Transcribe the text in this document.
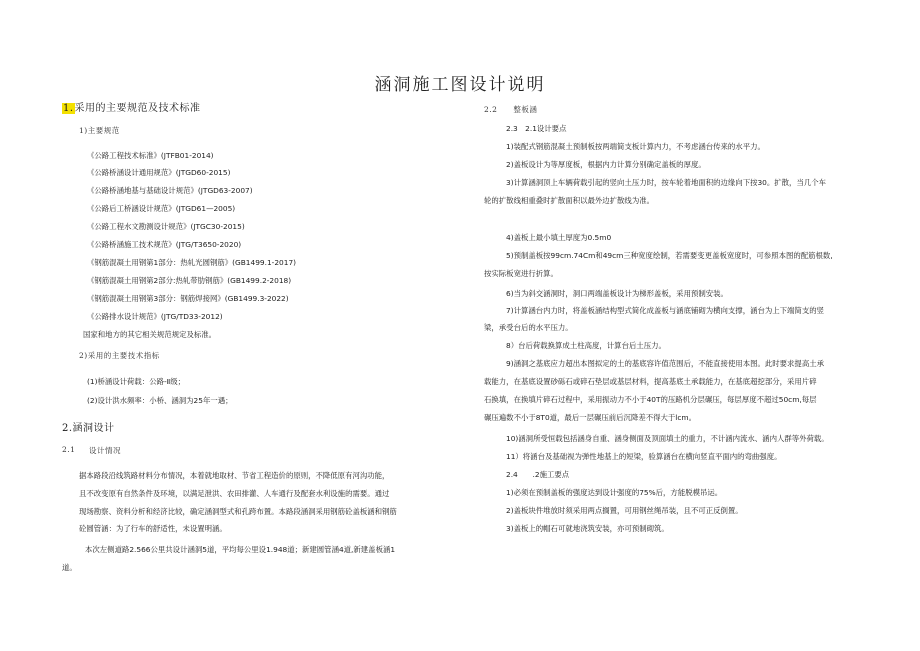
涵洞施工图设计说明
1.采用的主要规范及技术标准
1)主要规范
《公路工程技术标准》(JTFB01-2014)
《公路桥涵设计通用规范》(JTGD60-2015)
《公路桥涵地基与基础设计规范》(JTGD63-2007)
《公路后工桥涵设计规范》(JTGD61—2005)
《公路工程水文勘测设计规范》(JTGC30-2015)
《公路桥涵施工技术规范》(JTG/T3650-2020)
《钢筋混凝土用钢第1部分：热轧光圆钢筋》(GB1499.1-2017)
《钢筋混凝土用钢第2部分:热轧带肋钢筋》(GB1499.2-2018)
《钢筋混凝土用钢第3部分：钢筋焊接网》(GB1499.3-2022)
《公路排水设计规范》(JTG/TD33-2012)
国家和地方的其它相关规范规定及标准。
2)采用的主要技术指标
(1)桥涵设计荷载：公路-Ⅱ级；
(2)设计洪水频率：小桥、涵洞为25年一遇；
2.涵洞设计
2.1 设计情况
据本路段沿线筑路材料分布情况，本着就地取材、节省工程造价的原则，不降低原有河沟功能，
且不改变原有自然条件及环境，以满足泄洪、农田排灌、人车通行及配套水利设施的需要。通过
现场勘察、资料分析和经济比较，确定涵洞型式和孔跨布置。本路段涵洞采用钢筋砼盖板涵和钢筋
砼圆管涵：为了行车的舒适性，未设置明涵。
本次左侧道路2.566公里共设计涵洞5道，平均每公里设1.948道；新建圆管涵4道,新建盖板涵1
道。
2.2　　整板涵
2.3　2.1设计要点
1)装配式钢筋混凝土预制板按两端简支板计算内力，不考虑涵台传来的水平力。
2)盖板设计为等厚度板，根据内力计算分别确定盖板的厚度。
3)计算涵洞顶上车辆荷载引起的竖向土压力时，按车轮着地面积的边缘向下按30。扩散，当几个车
轮的扩散线相重叠时扩散面积以最外边扩散线为准。
4)盖板上最小填土厚度为0.5m0
5)预制盖板按99cm.74Cm和49cm三种宽度绘制，若需要变更盖板宽度时，可参照本图的配筋根数,
按实际板宽进行折算。
6)当为斜交涵洞时，洞口两端盖板设计为梯形盖板，采用预制安装。
7)计算涵台内力时，将盖板涵结构型式简化成盖板与涵底铺砌为横向支撑，涵台为上下端简支的竖
梁，承受台后的水平压力。
8）台后荷载换算成土柱高度，计算台后土压力。
9)涵洞之基底应力超出本图拟定的土的基底容许值范围后，不能直接使用本图。此时要求提高土承
载能力，在基底设置砂砾石或碎石垫层或基层材料，提高基底土承载能力，在基底超挖部分，采用片碎
石换填，在换填片碎石过程中，采用振动力不小于40T的压路机分层碾压，每层厚度不超过50cm,每层
碾压遍数不小于8T0道，最后一层碾压前后沉降差不得大于lcm。
10)涵洞所受恒载包括涵身自重、涵身侧面及顶面填土的重力，不计涵内流水、涵内人群等外荷载。
11）将涵台及基础视为弹性地基上的短梁，验算涵台在横向竖直平面内的弯曲强度。
2.4　　.2施工要点
1)必须在预制盖板的强度达到设计强度的75%后，方能脱模吊运。
2)盖板块件堆放时须采用两点搁置，可用钢丝绳吊装，且不可正反倒置。
3)盖板上的帽石可就地浇筑安装，亦可预制砌筑。
